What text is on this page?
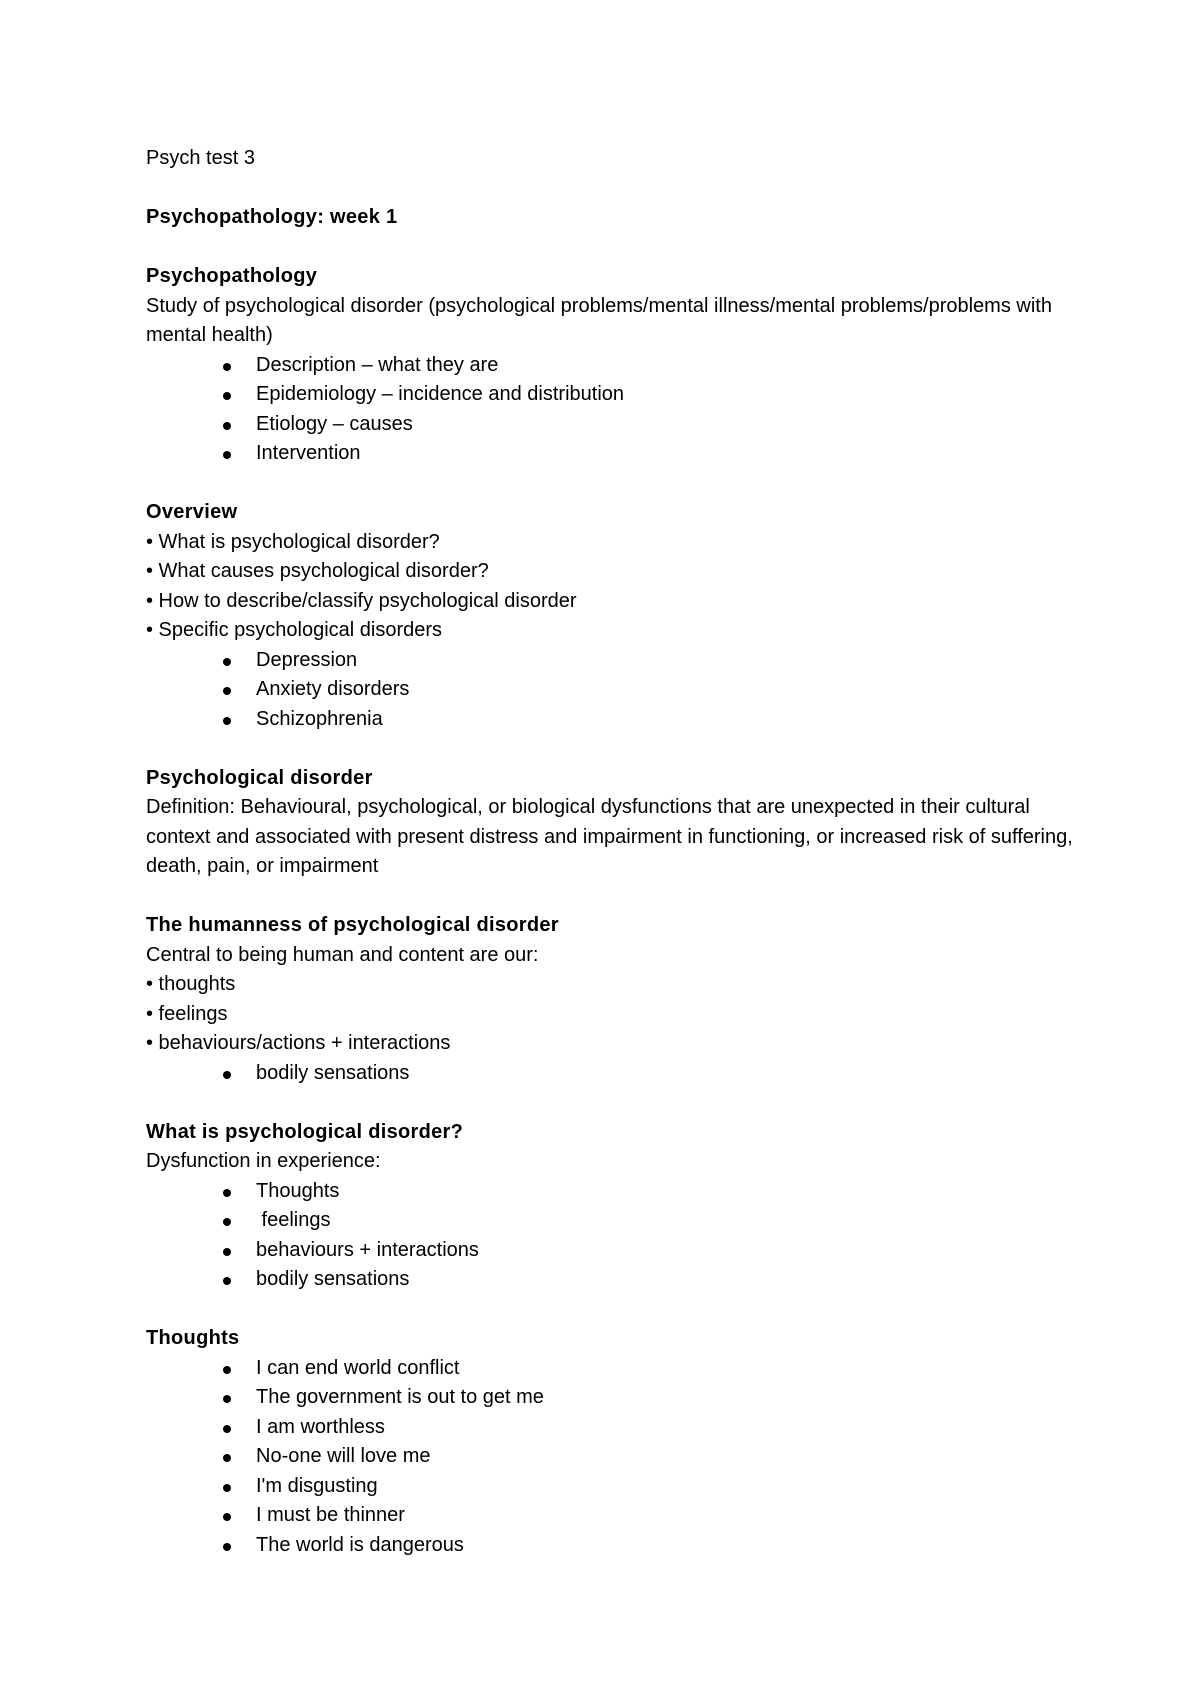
Psych test 3

Psychopathology: week 1

Psychopathology

Study of psychological disorder (psychological problems/mental illness/mental problems/problems with mental health)

Description – what they are
Epidemiology – incidence and distribution
Etiology – causes
Intervention

Overview

• What is psychological disorder?
• What causes psychological disorder?
• How to describe/classify psychological disorder
• Specific psychological disorders
Depression
Anxiety disorders
Schizophrenia

Psychological disorder

Definition: Behavioural, psychological, or biological dysfunctions that are unexpected in their cultural context and associated with present distress and impairment in functioning, or increased risk of suffering, death, pain, or impairment

The humanness of psychological disorder

Central to being human and content are our:

• thoughts
• feelings
• behaviours/actions + interactions
bodily sensations

What is psychological disorder?

Dysfunction in experience:

Thoughts
feelings
behaviours + interactions
bodily sensations

Thoughts

I can end world conflict
The government is out to get me
I am worthless
No-one will love me
I'm disgusting
I must be thinner
The world is dangerous
